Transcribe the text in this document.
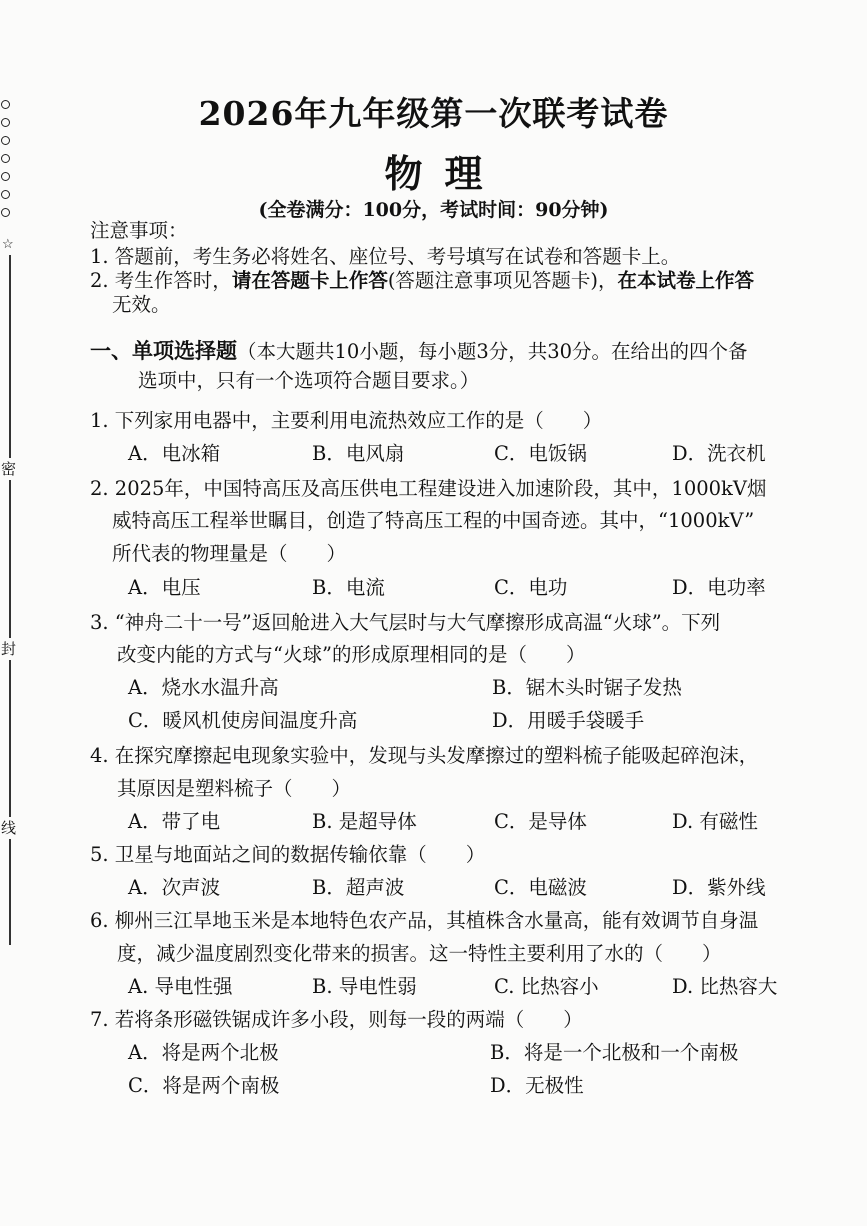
☆
密
封
线
2026年九年级第一次联考试卷
物理
(全卷满分：100分，考试时间：90分钟)
注意事项：
1. 答题前，考生务必将姓名、座位号、考号填写在试卷和答题卡上。
2. 考生作答时，请在答题卡上作答(答题注意事项见答题卡)，在本试卷上作答
无效。
一、单项选择题（本大题共10小题，每小题3分，共30分。在给出的四个备
选项中，只有一个选项符合题目要求。）
1. 下列家用电器中，主要利用电流热效应工作的是（　　）
A．电冰箱	B．电风扇	C．电饭锅	D．洗衣机
2. 2025年，中国特高压及高压供电工程建设进入加速阶段，其中，1000kV烟
威特高压工程举世瞩目，创造了特高压工程的中国奇迹。其中，“1000kV”
所代表的物理量是（　　）
A．电压	B．电流	C．电功	D．电功率
3. “神舟二十一号”返回舱进入大气层时与大气摩擦形成高温“火球”。下列
改变内能的方式与“火球”的形成原理相同的是（　　）
A．烧水水温升高	B．锯木头时锯子发热
C．暖风机使房间温度升高	D．用暖手袋暖手
4. 在探究摩擦起电现象实验中，发现与头发摩擦过的塑料梳子能吸起碎泡沫，
其原因是塑料梳子（　　）
A．带了电	B. 是超导体	C．是导体	D. 有磁性
5. 卫星与地面站之间的数据传输依靠（　　）
A．次声波	B．超声波	C．电磁波	D．紫外线
6. 柳州三江旱地玉米是本地特色农产品，其植株含水量高，能有效调节自身温
度，减少温度剧烈变化带来的损害。这一特性主要利用了水的（　　）
A. 导电性强	B. 导电性弱	C. 比热容小	D. 比热容大
7. 若将条形磁铁锯成许多小段，则每一段的两端（　　）
A．将是两个北极	B．将是一个北极和一个南极
C．将是两个南极	D．无极性
